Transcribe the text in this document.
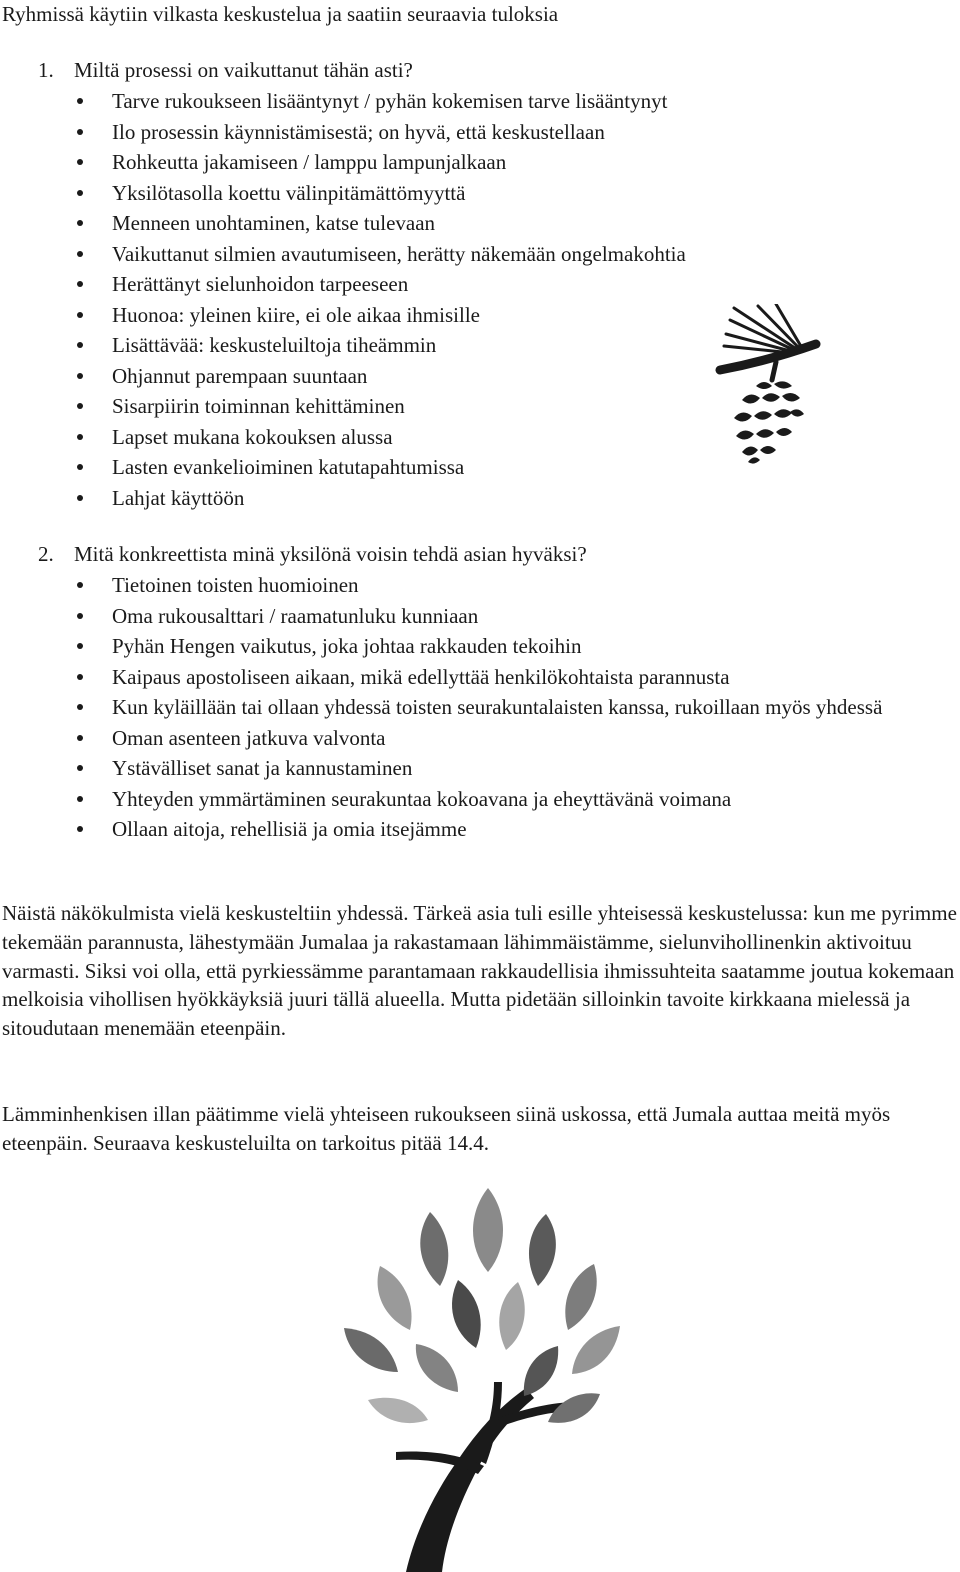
Ryhmissä käytiin vilkasta keskustelua ja saatiin seuraavia tuloksia
1. Miltä prosessi on vaikuttanut tähän asti?
Tarve rukoukseen lisääntynyt / pyhän kokemisen tarve lisääntynyt
Ilo prosessin käynnistämisestä; on hyvä, että keskustellaan
Rohkeutta jakamiseen / lamppu lampunjalkaan
Yksilötasolla koettu välinpitämättömyyttä
Menneen unohtaminen, katse tulevaan
Vaikuttanut silmien avautumiseen, herätty näkemään ongelmakohtia
Herättänyt sielunhoidon tarpeeseen
Huonoa: yleinen kiire, ei ole aikaa ihmisille
Lisättävää: keskusteluiltoja tiheämmin
Ohjannut parempaan suuntaan
Sisarpiirin toiminnan kehittäminen
Lapset mukana kokouksen alussa
Lasten evankelioiminen katutapahtumissa
Lahjat käyttöön
2. Mitä konkreettista minä yksilönä voisin tehdä asian hyväksi?
Tietoinen toisten huomioinen
Oma rukousalttari / raamatunluku kunniaan
Pyhän Hengen vaikutus, joka johtaa rakkauden tekoihin
Kaipaus apostoliseen aikaan, mikä edellyttää henkilökohtaista parannusta
Kun kyläillään tai ollaan yhdessä toisten seurakuntalaisten kanssa, rukoillaan myös yhdessä
Oman asenteen jatkuva valvonta
Ystävälliset sanat ja kannustaminen
Yhteyden ymmärtäminen seurakuntaa kokoavana ja eheyttävänä voimana
Ollaan aitoja, rehellisiä ja omia itsejämme

Näistä näkökulmista vielä keskusteltiin yhdessä. Tärkeä asia tuli esille yhteisessä keskustelussa: kun me pyrimme tekemään parannusta, lähestymään Jumalaa ja rakastamaan lähimmäistämme, sielunvihollinenkin aktivoituu varmasti. Siksi voi olla, että pyrkiessämme parantamaan rakkaudellisia ihmissuhteita saatamme joutua kokemaan melkoisia vihollisen hyökkäyksiä juuri tällä alueella. Mutta pidetään silloinkin tavoite kirkkaana mielessä ja sitoudutaan menemään eteenpäin.

Lämminhenkisen illan päätimme vielä yhteiseen rukoukseen siinä uskossa, että Jumala auttaa meitä myös eteenpäin. Seuraava keskusteluilta on tarkoitus pitää 14.4.
